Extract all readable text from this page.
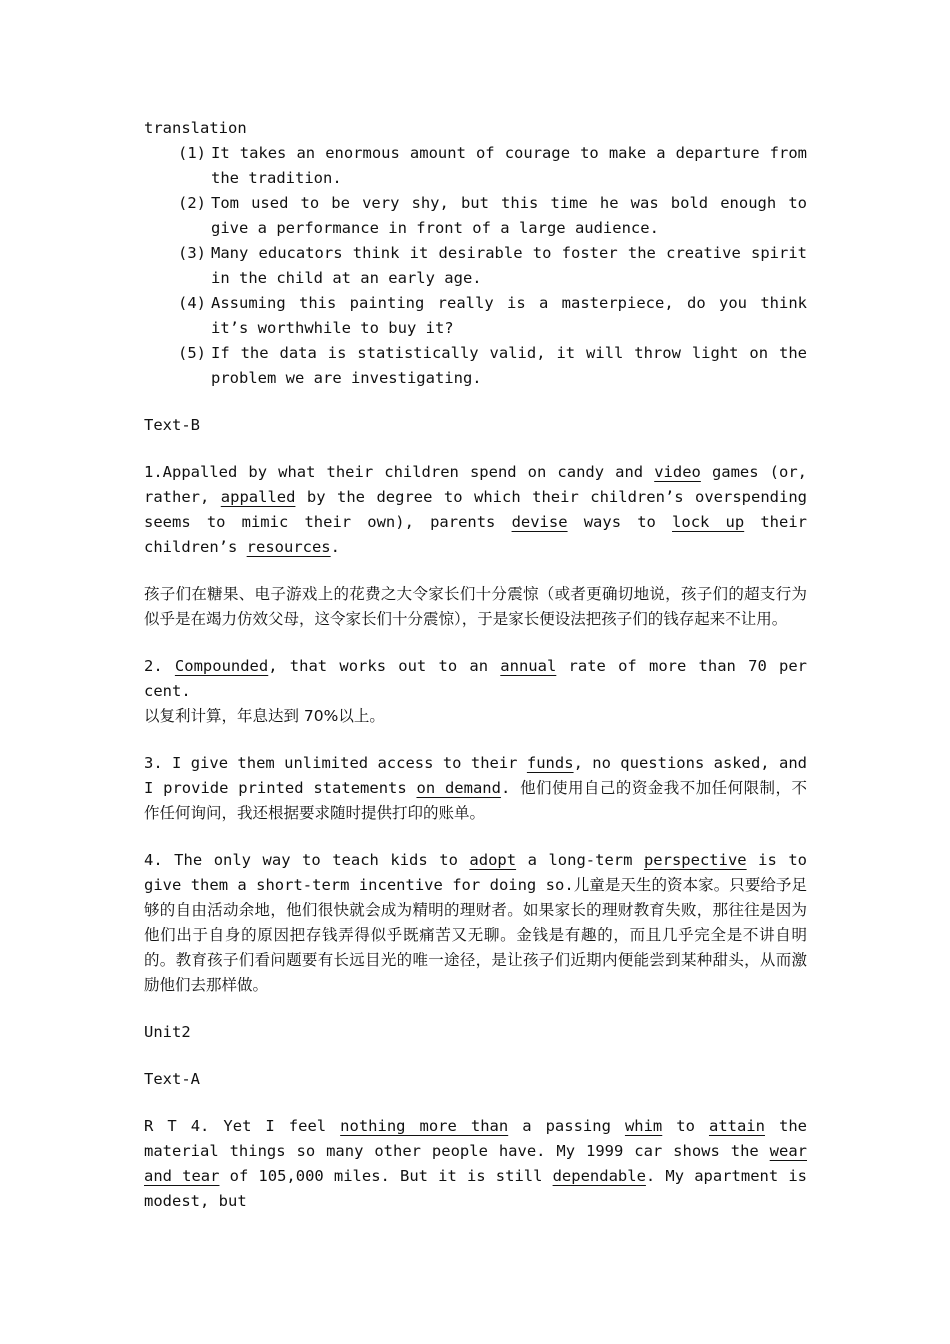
translation

(1) It takes an enormous amount of courage to make a departure from the tradition.
(2) Tom used to be very shy, but this time he was bold enough to give a performance in front of a large audience.
(3) Many educators think it desirable to foster the creative spirit in the child at an early age.
(4) Assuming this painting really is a masterpiece, do you think it’s worthwhile to buy it?
(5) If the data is statistically valid, it will throw light on the problem we are investigating.

Text-B

1.Appalled by what their children spend on candy and video games (or, rather, appalled by the degree to which their children’s overspending seems to mimic their own), parents devise ways to lock up their children’s resources.

孩子们在糖果、电子游戏上的花费之大令家长们十分震惊（或者更确切地说，孩子们的超支行为似乎是在竭力仿效父母，这令家长们十分震惊），于是家长便设法把孩子们的钱存起来不让用。

2. Compounded, that works out to an annual rate of more than 70 per cent.
以复利计算，年息达到 70%以上。

3. I give them unlimited access to their funds, no questions asked, and I provide printed statements on demand. 他们使用自己的资金我不加任何限制，不作任何询问，我还根据要求随时提供打印的账单。

4. The only way to teach kids to adopt a long-term perspective is to give them a short-term incentive for doing so.儿童是天生的资本家。只要给予足够的自由活动余地，他们很快就会成为精明的理财者。如果家长的理财教育失败，那往往是因为他们出于自身的原因把存钱弄得似乎既痛苦又无聊。金钱是有趣的，而且几乎完全是不讲自明的。教育孩子们看问题要有长远目光的唯一途径，是让孩子们近期内便能尝到某种甜头，从而激励他们去那样做。

Unit2

Text-A

R T 4. Yet I feel nothing more than a passing whim to attain the material things so many other people have. My 1999 car shows the wear and tear of 105,000 miles. But it is still dependable. My apartment is modest, but
